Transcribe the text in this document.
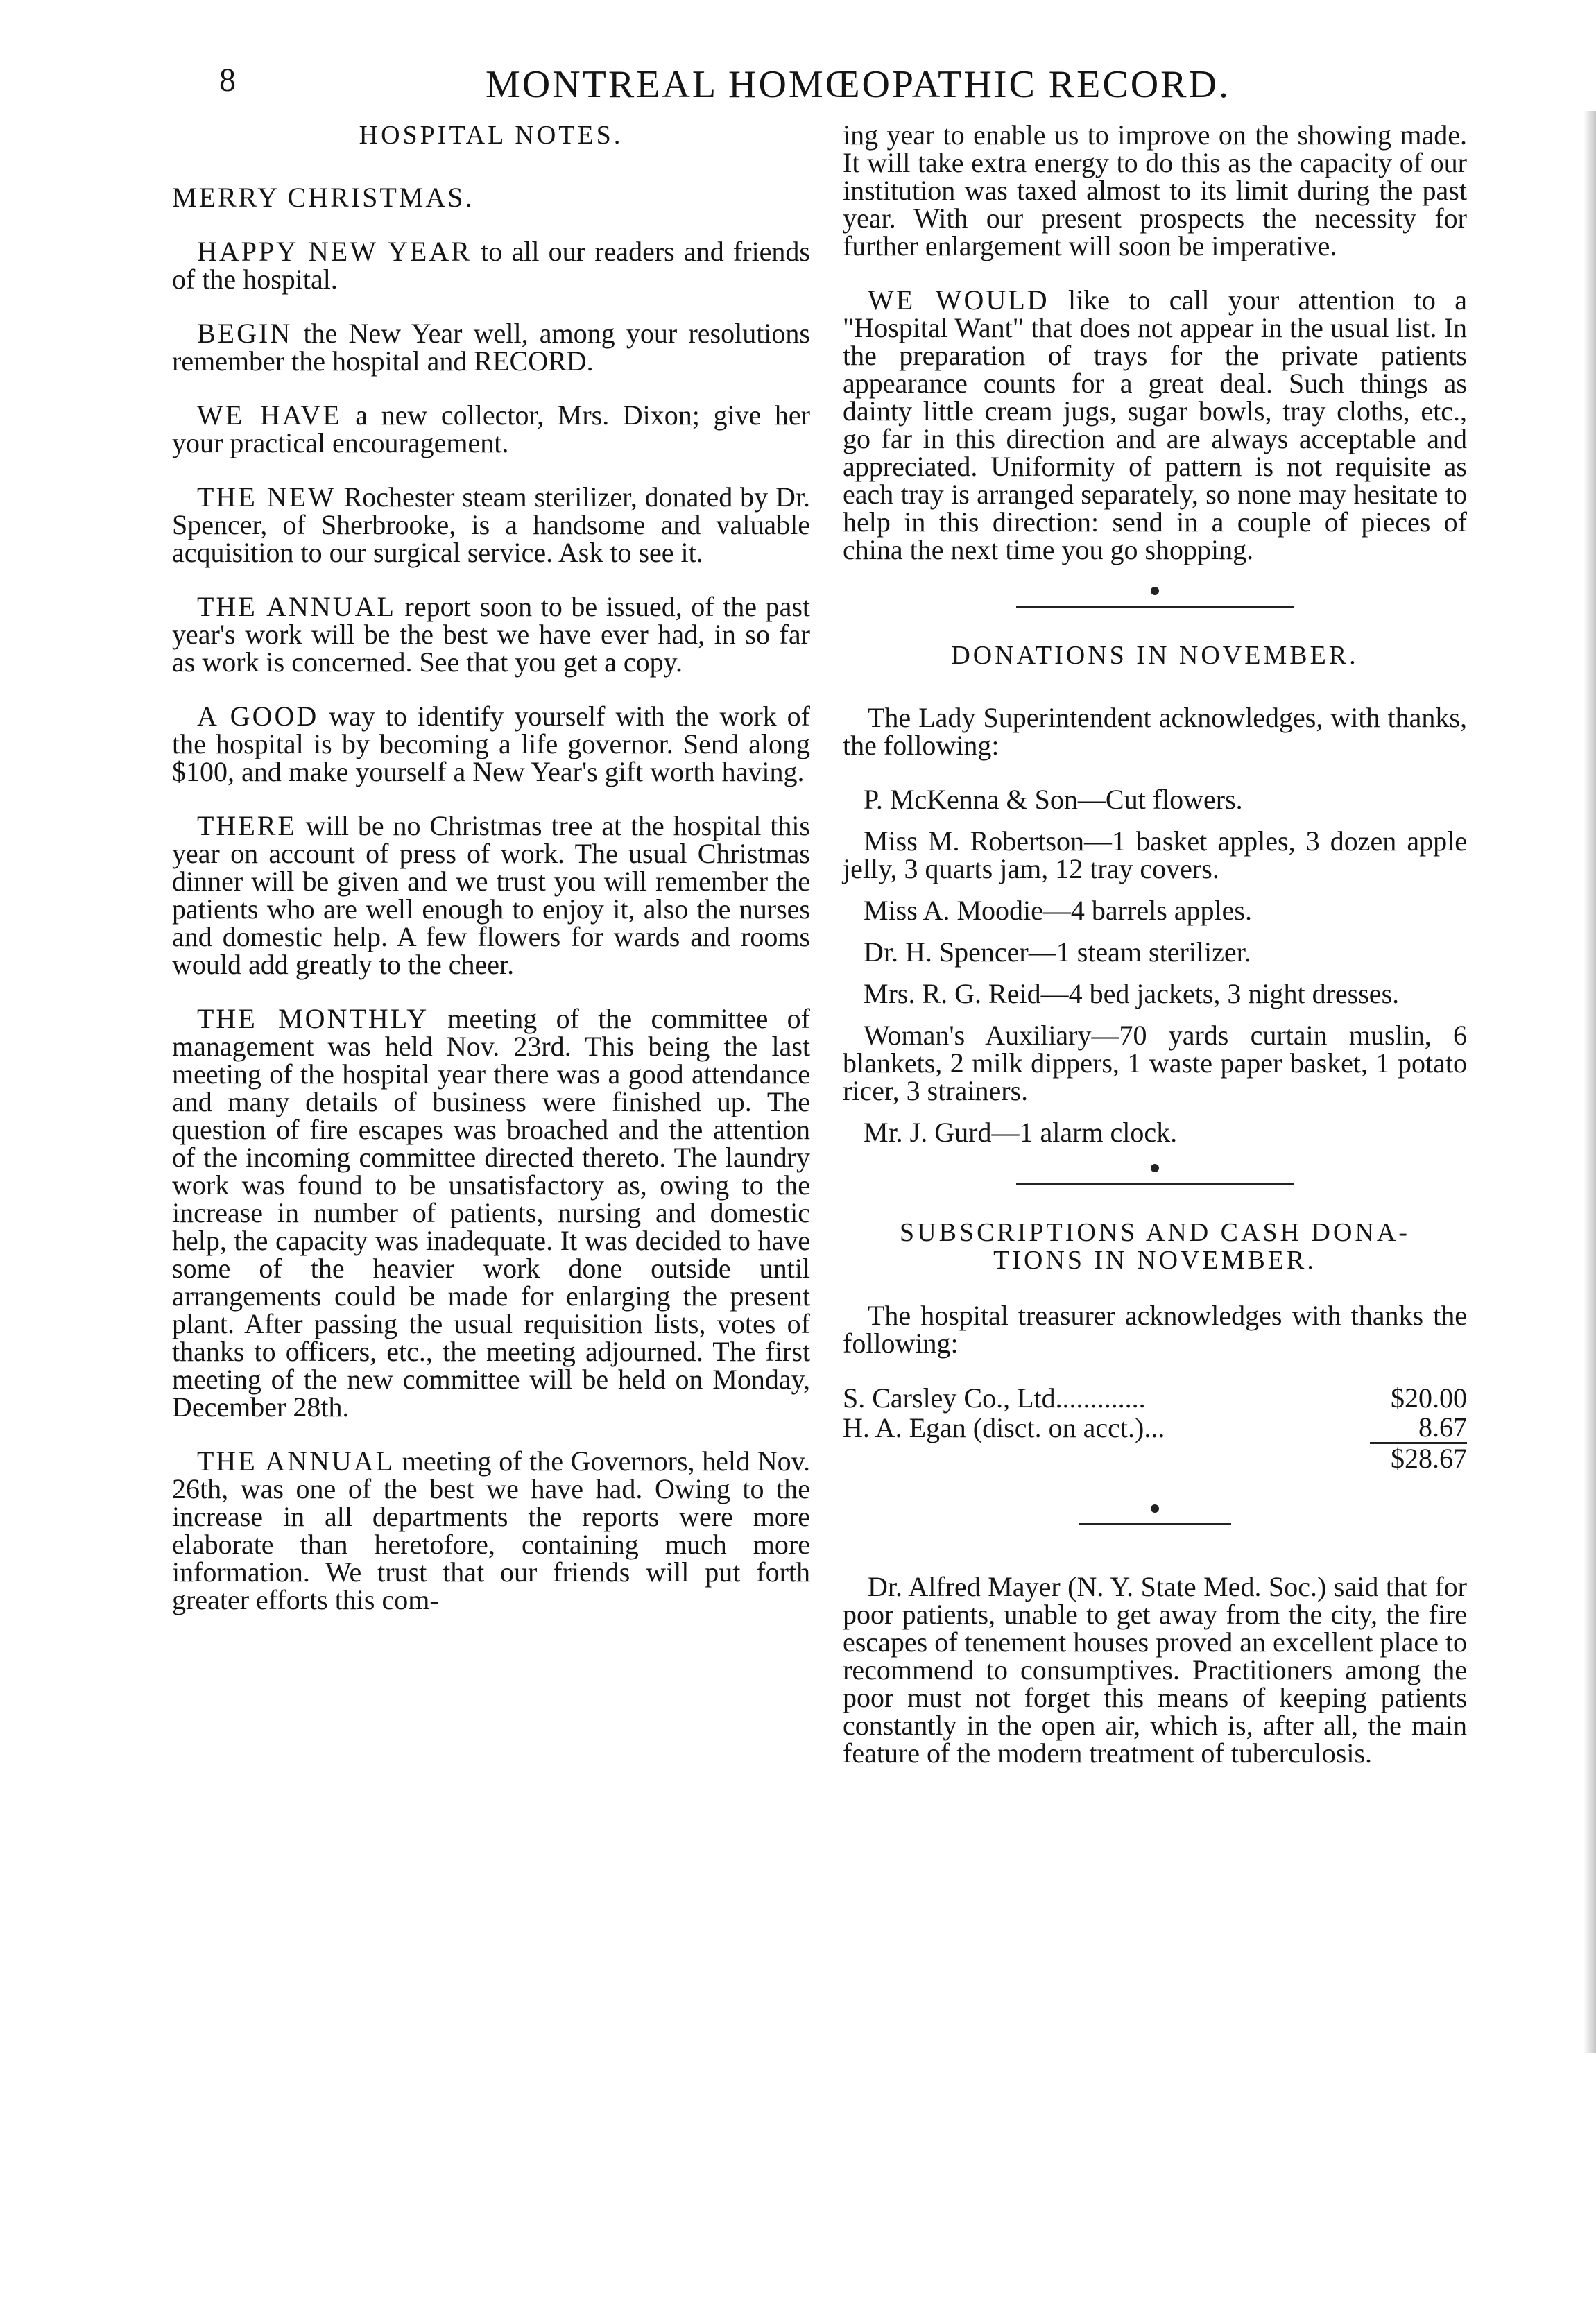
8	MONTREAL HOMŒOPATHIC RECORD.
HOSPITAL NOTES.

MERRY CHRISTMAS.

HAPPY NEW YEAR to all our readers and friends of the hospital.

BEGIN the New Year well, among your resolutions remember the hospital and RECORD.

WE HAVE a new collector, Mrs. Dixon; give her your practical encouragement.

THE NEW Rochester steam sterilizer, donated by Dr. Spencer, of Sherbrooke, is a handsome and valuable acquisition to our surgical service. Ask to see it.

THE ANNUAL report soon to be issued, of the past year's work will be the best we have ever had, in so far as work is concerned. See that you get a copy.

A GOOD way to identify yourself with the work of the hospital is by becoming a life governor. Send along $100, and make yourself a New Year's gift worth having.

THERE will be no Christmas tree at the hospital this year on account of press of work. The usual Christmas dinner will be given and we trust you will remember the patients who are well enough to enjoy it, also the nurses and domestic help. A few flowers for wards and rooms would add greatly to the cheer.

THE MONTHLY meeting of the committee of management was held Nov. 23rd. This being the last meeting of the hospital year there was a good attendance and many details of business were finished up. The question of fire escapes was broached and the attention of the incoming committee directed thereto. The laundry work was found to be unsatisfactory as, owing to the increase in number of patients, nursing and domestic help, the capacity was inadequate. It was decided to have some of the heavier work done outside until arrangements could be made for enlarging the present plant. After passing the usual requisition lists, votes of thanks to officers, etc., the meeting adjourned. The first meeting of the new committee will be held on Monday, December 28th.

THE ANNUAL meeting of the Governors, held Nov. 26th, was one of the best we have had. Owing to the increase in all departments the reports were more elaborate than heretofore, containing much more information. We trust that our friends will put forth greater efforts this com-

ing year to enable us to improve on the showing made. It will take extra energy to do this as the capacity of our institution was taxed almost to its limit during the past year. With our present prospects the necessity for further enlargement will soon be imperative.

WE WOULD like to call your attention to a "Hospital Want" that does not appear in the usual list. In the preparation of trays for the private patients appearance counts for a great deal. Such things as dainty little cream jugs, sugar bowls, tray cloths, etc., go far in this direction and are always acceptable and appreciated. Uniformity of pattern is not requisite as each tray is arranged separately, so none may hesitate to help in this direction: send in a couple of pieces of china the next time you go shopping.

DONATIONS IN NOVEMBER.

The Lady Superintendent acknowledges, with thanks, the following:

P. McKenna & Son—Cut flowers.
Miss M. Robertson—1 basket apples, 3 dozen apple jelly, 3 quarts jam, 12 tray covers.
Miss A. Moodie—4 barrels apples.
Dr. H. Spencer—1 steam sterilizer.
Mrs. R. G. Reid—4 bed jackets, 3 night dresses.
Woman's Auxiliary—70 yards curtain muslin, 6 blankets, 2 milk dippers, 1 waste paper basket, 1 potato ricer, 3 strainers.
Mr. J. Gurd—1 alarm clock.
SUBSCRIPTIONS AND CASH DONA-
TIONS IN NOVEMBER.

The hospital treasurer acknowledges with thanks the following:

S. Carsley Co., Ltd.............	$20.00
H. A. Egan (disct. on acct.)...	8.67
	$28.67

Dr. Alfred Mayer (N. Y. State Med. Soc.) said that for poor patients, unable to get away from the city, the fire escapes of tenement houses proved an excellent place to recommend to consumptives. Practitioners among the poor must not forget this means of keeping patients constantly in the open air, which is, after all, the main feature of the modern treatment of tuberculosis.
